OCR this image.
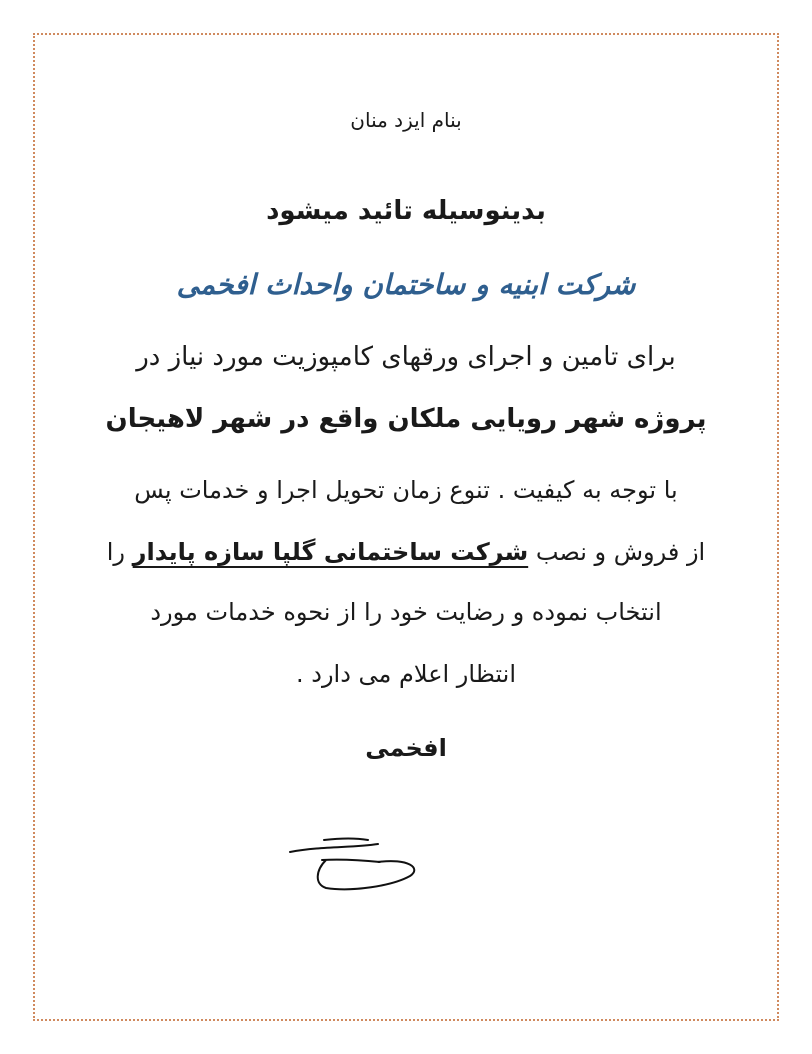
بنام ایزد منان

بدینوسیله تائید میشود

شرکت ابنیه و ساختمان واحداث افخمی

برای تامین و اجرای ورقهای کامپوزیت مورد نیاز در

پروژه شهر رویایی ملکان واقع در شهر لاهیجان

با توجه به کیفیت . تنوع زمان تحویل اجرا و خدمات پس

از فروش و نصب شرکت ساختمانی گلپا سازه پایدار را

انتخاب نموده و رضایت خود را از نحوه خدمات مورد

انتظار اعلام می دارد .

افخمی
